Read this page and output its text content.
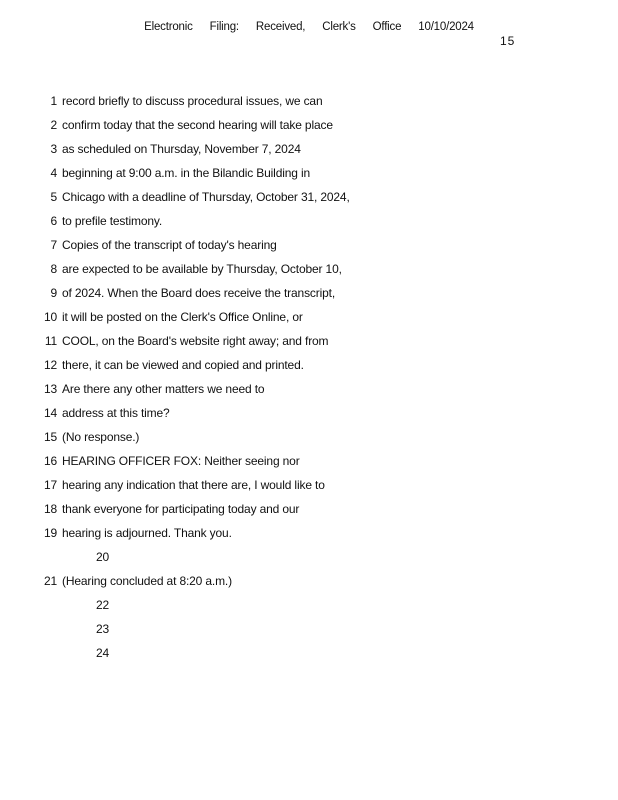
Electronic Filing: Received, Clerk's Office 10/10/2024
15
1 record briefly to discuss procedural issues, we can
2 confirm today that the second hearing will take place
3 as scheduled on Thursday, November 7, 2024
4 beginning at 9:00 a.m. in the Bilandic Building in
5 Chicago with a deadline of Thursday, October 31, 2024,
6 to prefile testimony.
7 Copies of the transcript of today's hearing
8 are expected to be available by Thursday, October 10,
9 of 2024. When the Board does receive the transcript,
10 it will be posted on the Clerk's Office Online, or
11 COOL, on the Board's website right away; and from
12 there, it can be viewed and copied and printed.
13 Are there any other matters we need to
14 address at this time?
15 (No response.)
16 HEARING OFFICER FOX: Neither seeing nor
17 hearing any indication that there are, I would like to
18 thank everyone for participating today and our
19 hearing is adjourned. Thank you.
20
21 (Hearing concluded at 8:20 a.m.)
22
23
24
